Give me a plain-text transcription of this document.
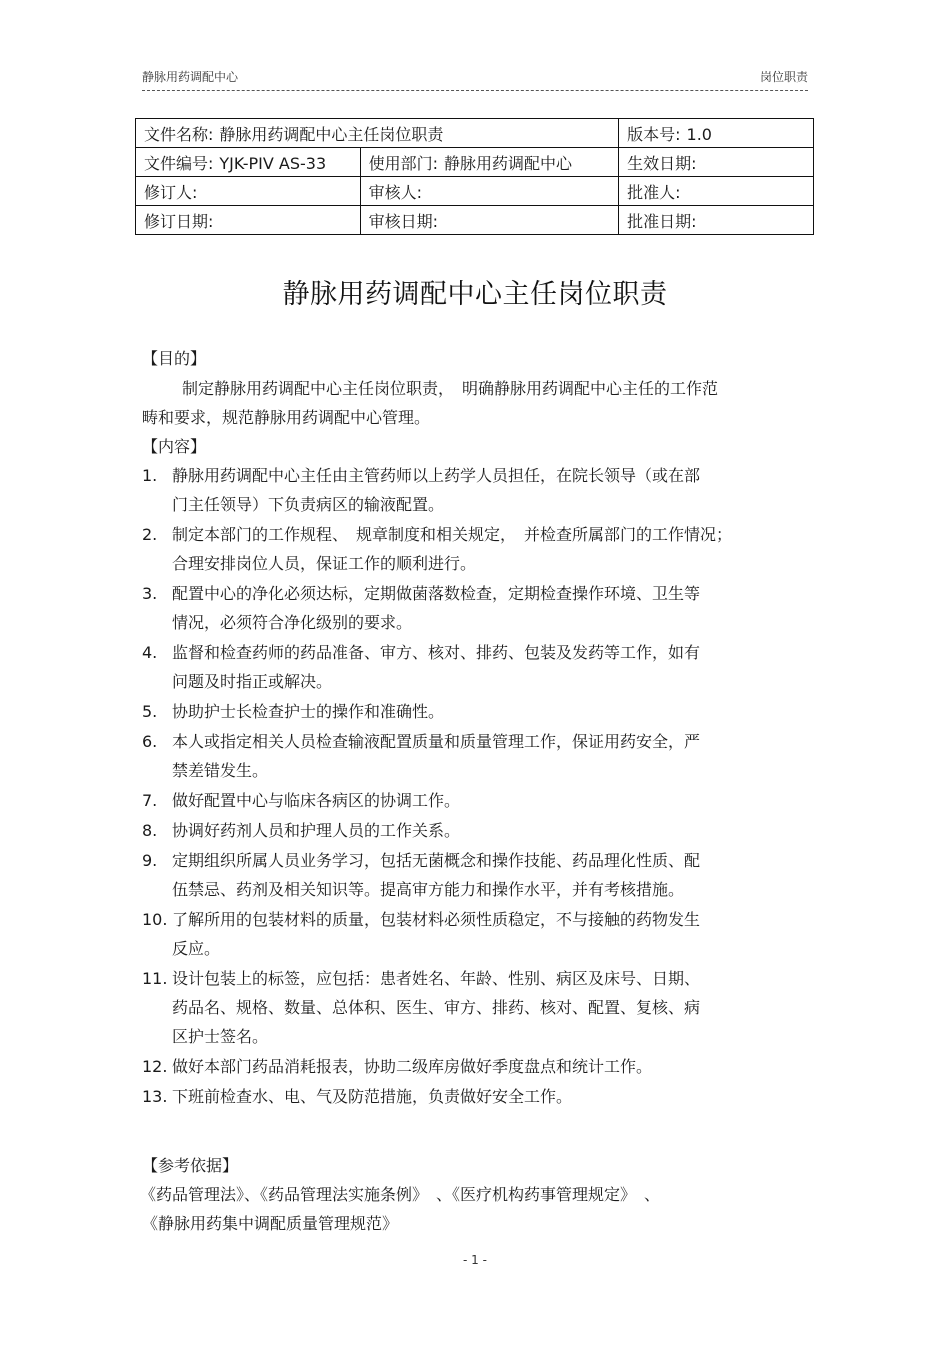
静脉用药调配中心	岗位职责
文件名称: 静脉用药调配中心主任岗位职责		版本号: 1.0
文件编号: YJK-PIV AS-33	使用部门: 静脉用药调配中心	生效日期:
修订人:	审核人:	批准人:
修订日期:	审核日期:	批准日期:
静脉用药调配中心主任岗位职责
【目的】
制定静脉用药调配中心主任岗位职责，　明确静脉用药调配中心主任的工作范
畴和要求，规范静脉用药调配中心管理。
【内容】
1. 静脉用药调配中心主任由主管药师以上药学人员担任，在院长领导（或在部
门主任领导）下负责病区的输液配置。
2. 制定本部门的工作规程、　规章制度和相关规定，　并检查所属部门的工作情况；
合理安排岗位人员，保证工作的顺利进行。
3. 配置中心的净化必须达标，定期做菌落数检查，定期检查操作环境、卫生等
情况，必须符合净化级别的要求。
4. 监督和检查药师的药品准备、审方、核对、排药、包装及发药等工作，如有
问题及时指正或解决。
5. 协助护士长检查护士的操作和准确性。
6. 本人或指定相关人员检查输液配置质量和质量管理工作，保证用药安全，严
禁差错发生。
7. 做好配置中心与临床各病区的协调工作。
8. 协调好药剂人员和护理人员的工作关系。
9. 定期组织所属人员业务学习，包括无菌概念和操作技能、药品理化性质、配
伍禁忌、药剂及相关知识等。提高审方能力和操作水平，并有考核措施。
10. 了解所用的包装材料的质量，包装材料必须性质稳定，不与接触的药物发生
反应。
11. 设计包装上的标签，应包括：患者姓名、年龄、性别、病区及床号、日期、
药品名、规格、数量、总体积、医生、审方、排药、核对、配置、复核、病
区护士签名。
12. 做好本部门药品消耗报表，协助二级库房做好季度盘点和统计工作。
13. 下班前检查水、电、气及防范措施，负责做好安全工作。
【参考依据】
《药品管理法》、《药品管理法实施条例》　、《医疗机构药事管理规定》　、
《静脉用药集中调配质量管理规范》
- 1 -
